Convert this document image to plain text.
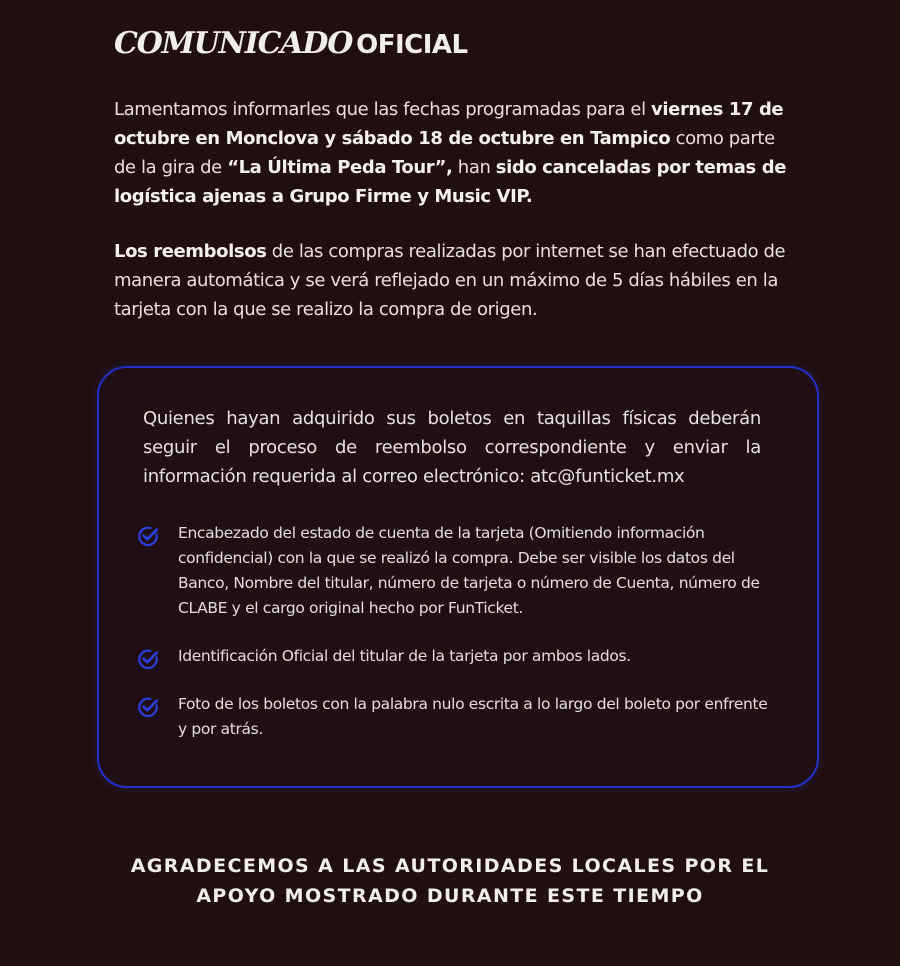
COMUNICADO OFICIAL

Lamentamos informarles que las fechas programadas para el viernes 17 de octubre en Monclova y sábado 18 de octubre en Tampico como parte de la gira de “La Última Peda Tour”, han sido canceladas por temas de logística ajenas a Grupo Firme y Music VIP.

Los reembolsos de las compras realizadas por internet se han efectuado de manera automática y se verá reflejado en un máximo de 5 días hábiles en la tarjeta con la que se realizo la compra de origen.

Quienes hayan adquirido sus boletos en taquillas físicas deberán seguir el proceso de reembolso correspondiente y enviar la información requerida al correo electrónico: atc@funticket.mx

Encabezado del estado de cuenta de la tarjeta (Omitiendo información confidencial) con la que se realizó la compra. Debe ser visible los datos del Banco, Nombre del titular, número de tarjeta o número de Cuenta, número de CLABE y el cargo original hecho por FunTicket.

Identificación Oficial del titular de la tarjeta por ambos lados.

Foto de los boletos con la palabra nulo escrita a lo largo del boleto por enfrente y por atrás.

AGRADECEMOS A LAS AUTORIDADES LOCALES POR EL
APOYO MOSTRADO DURANTE ESTE TIEMPO
